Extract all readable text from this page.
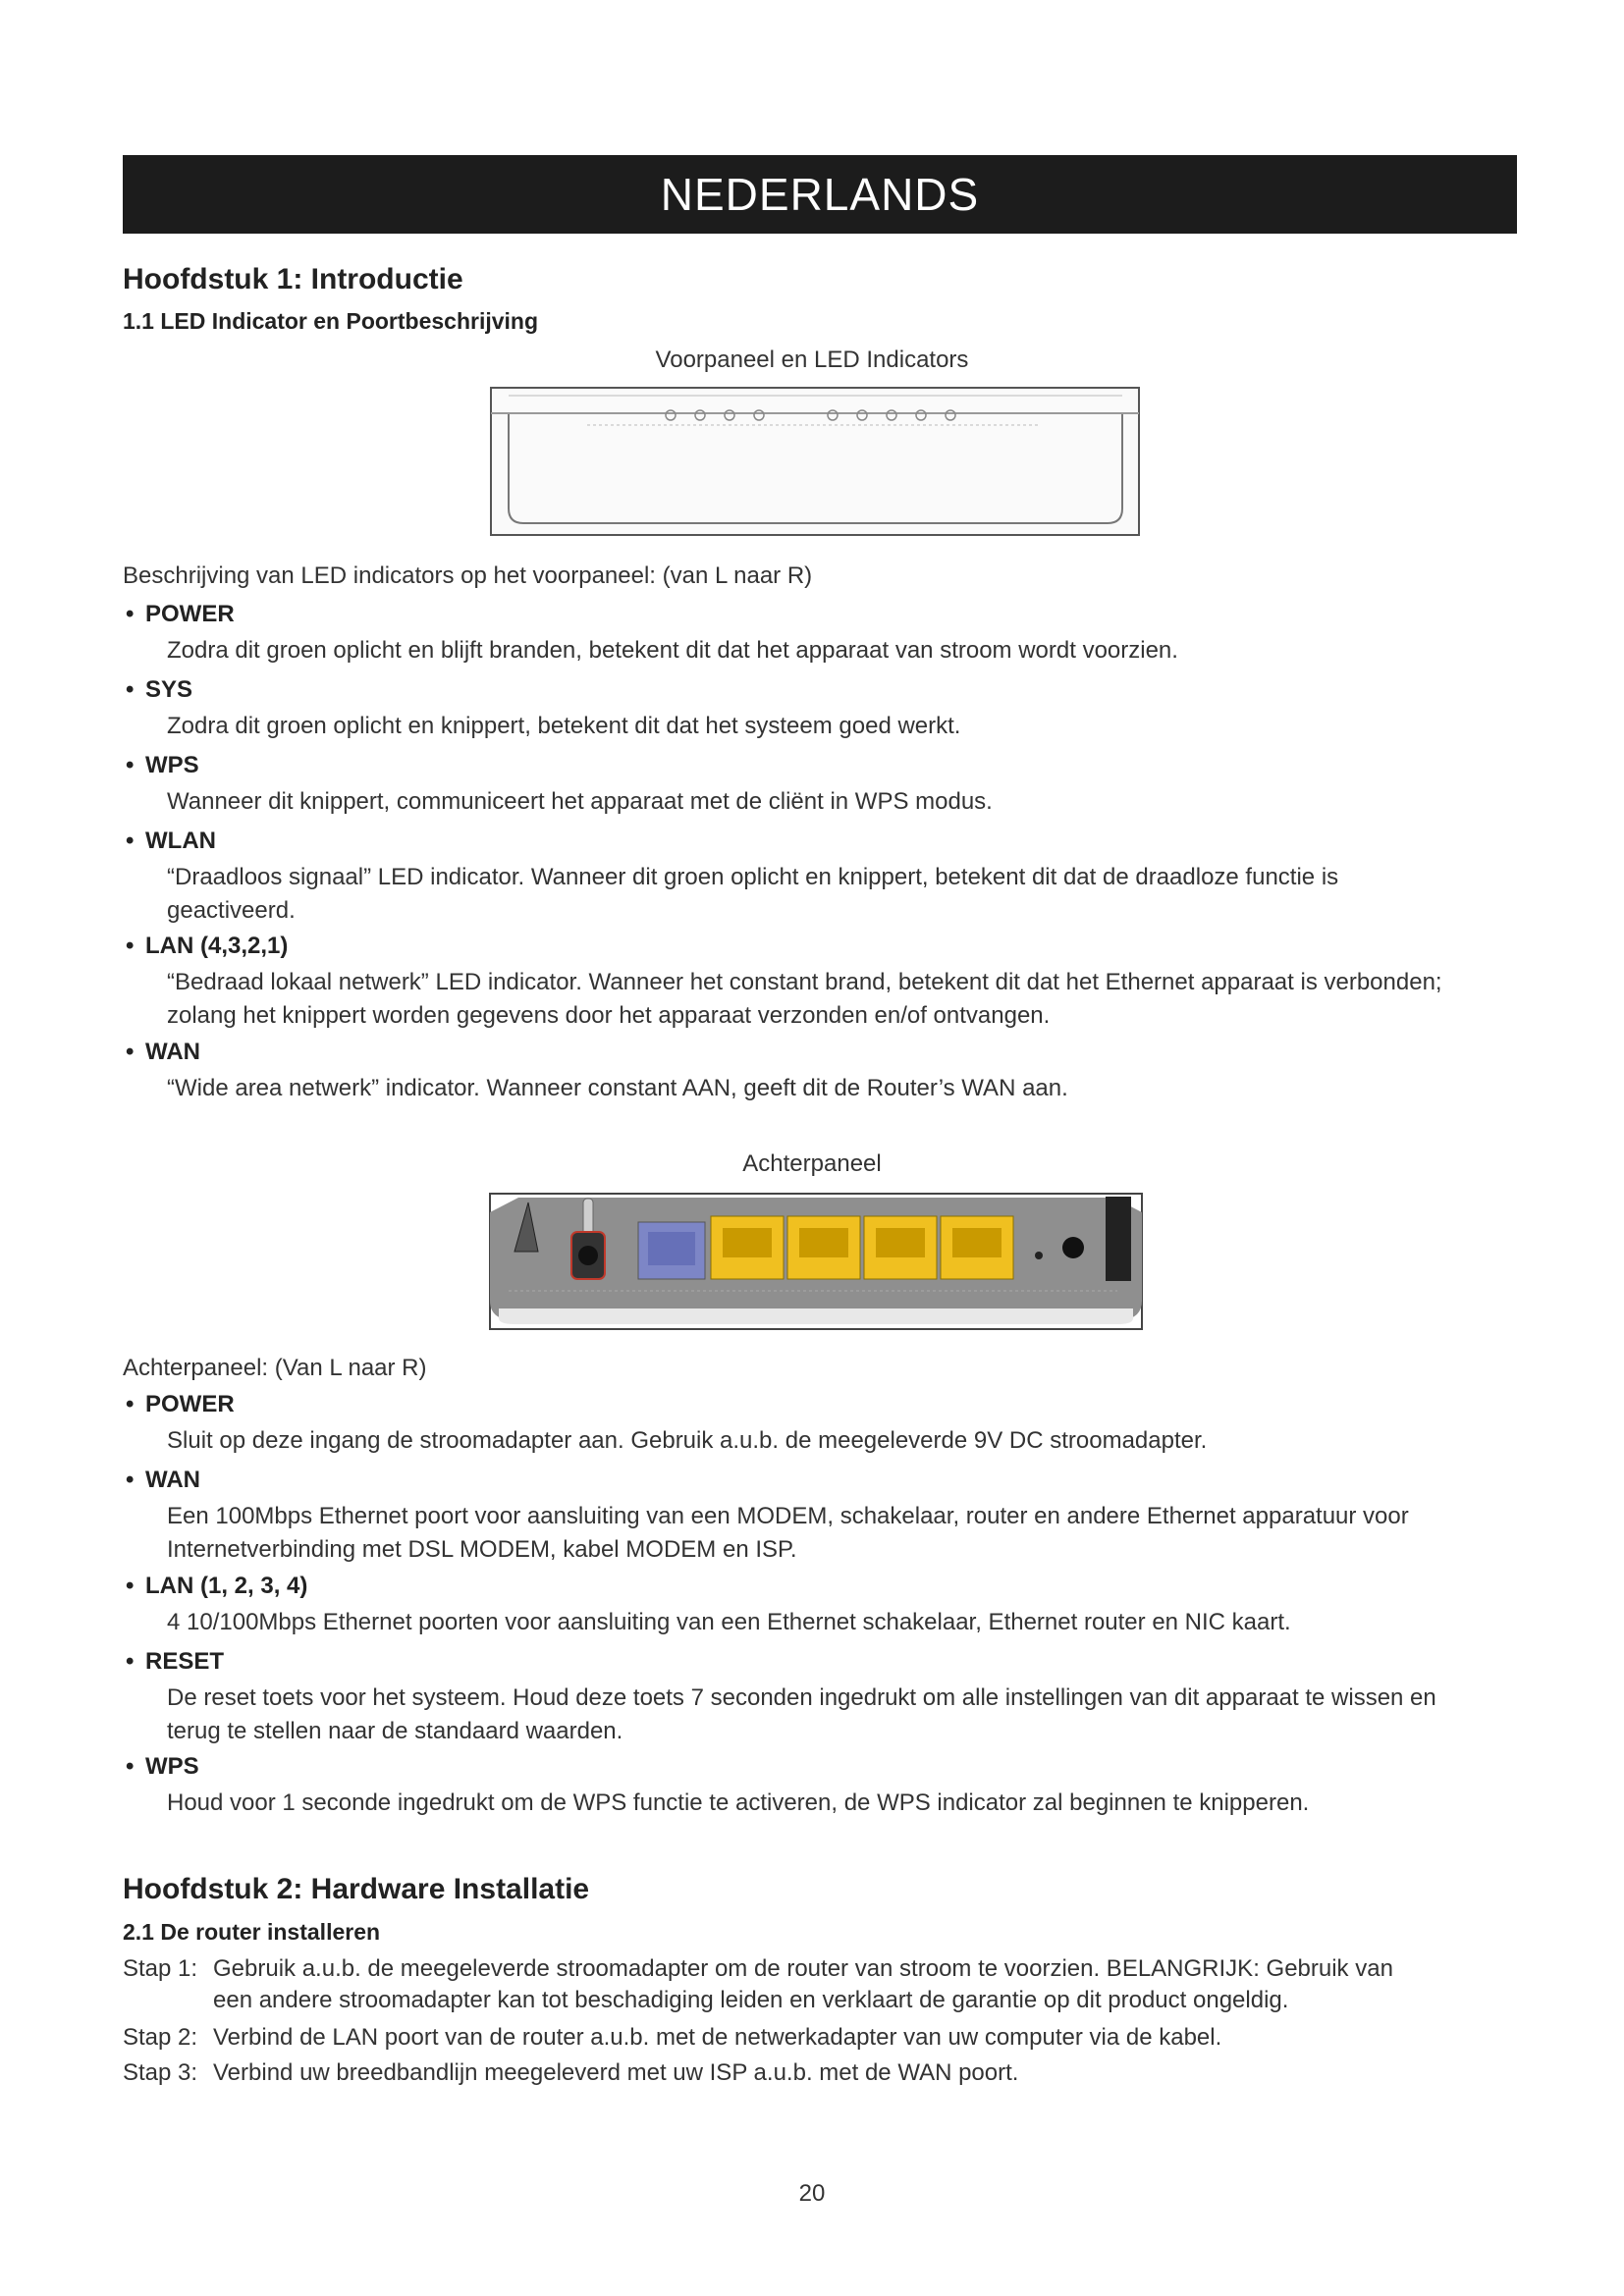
NEDERLANDS
Hoofdstuk 1: Introductie
1.1 LED Indicator en Poortbeschrijving
Voorpaneel en LED Indicators
Beschrijving van LED indicators op het voorpaneel: (van L naar R)
• POWER
Zodra dit groen oplicht en blijft branden, betekent dit dat het apparaat van stroom wordt voorzien.
• SYS
Zodra dit groen oplicht en knippert, betekent dit dat het systeem goed werkt.
• WPS
Wanneer dit knippert, communiceert het apparaat met de cliënt in WPS modus.
• WLAN
“Draadloos signaal” LED indicator. Wanneer dit groen oplicht en knippert, betekent dit dat de draadloze functie is geactiveerd.
• LAN (4,3,2,1)
“Bedraad lokaal netwerk” LED indicator. Wanneer het constant brand, betekent dit dat het Ethernet apparaat is verbonden; zolang het knippert worden gegevens door het apparaat verzonden en/of ontvangen.
• WAN
“Wide area netwerk” indicator. Wanneer constant AAN, geeft dit de Router’s WAN aan.
Achterpaneel
Achterpaneel: (Van L naar R)
• POWER
Sluit op deze ingang de stroomadapter aan. Gebruik a.u.b. de meegeleverde 9V DC stroomadapter.
• WAN
Een 100Mbps Ethernet poort voor aansluiting van een MODEM, schakelaar, router en andere Ethernet apparatuur voor Internetverbinding met DSL MODEM, kabel MODEM en ISP.
• LAN (1, 2, 3, 4)
4 10/100Mbps Ethernet poorten voor aansluiting van een Ethernet schakelaar, Ethernet router en NIC kaart.
• RESET
De reset toets voor het systeem. Houd deze toets 7 seconden ingedrukt om alle instellingen van dit apparaat te wissen en terug te stellen naar de standaard waarden.
• WPS
Houd voor 1 seconde ingedrukt om de WPS functie te activeren, de WPS indicator zal beginnen te knipperen.
Hoofdstuk 2: Hardware Installatie
2.1 De router installeren
Stap 1: Gebruik a.u.b. de meegeleverde stroomadapter om de router van stroom te voorzien. BELANGRIJK: Gebruik van
een andere stroomadapter kan tot beschadiging leiden en verklaart de garantie op dit product ongeldig.
Stap 2: Verbind de LAN poort van de router a.u.b. met de netwerkadapter van uw computer via de kabel.
Stap 3: Verbind uw breedbandlijn meegeleverd met uw ISP a.u.b. met de WAN poort.
20
